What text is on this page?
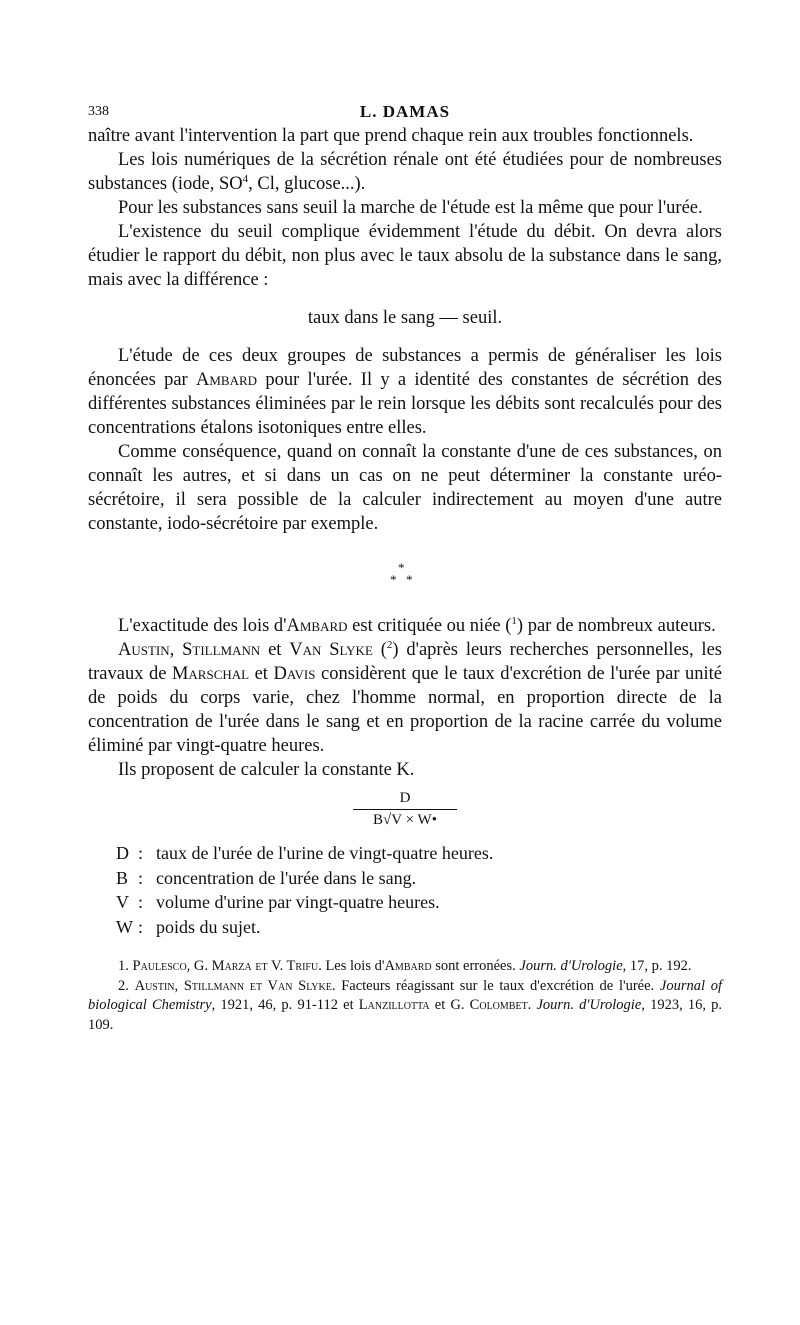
338	L. DAMAS

naître avant l'intervention la part que prend chaque rein aux troubles fonctionnels.

Les lois numériques de la sécrétion rénale ont été étudiées pour de nombreuses substances (iode, $SO^4$, Cl, glucose...).

Pour les substances sans seuil la marche de l'étude est la même que pour l'urée.

L'existence du seuil complique évidemment l'étude du débit. On devra alors étudier le rapport du débit, non plus avec le taux absolu de la substance dans le sang, mais avec la différence :

taux dans le sang — seuil.

L'étude de ces deux groupes de substances a permis de généraliser les lois énoncées par Ambard pour l'urée. Il y a identité des constantes de sécrétion des différentes substances éliminées par le rein lorsque les débits sont recalculés pour des concentrations étalons isotoniques entre elles.

Comme conséquence, quand on connaît la constante d'une de ces substances, on connaît les autres, et si dans un cas on ne peut déterminer la constante uréo-sécrétoire, il sera possible de la calculer indirectement au moyen d'une autre constante, iodo-sécrétoire par exemple.

*
* *

L'exactitude des lois d'Ambard est critiquée ou niée ($^1$) par de nombreux auteurs.

Austin, Stillmann et Van Slyke ($^2$) d'après leurs recherches personnelles, les travaux de Marschal et Davis considèrent que le taux d'excrétion de l'urée par unité de poids du corps varie, chez l'homme normal, en proportion directe de la concentration de l'urée dans le sang et en proportion de la racine carrée du volume éliminé par vingt-quatre heures.

Ils proposent de calculer la constante K.

D
B√V × W•
D : taux de l'urée de l'urine de vingt-quatre heures.
B : concentration de l'urée dans le sang.
V : volume d'urine par vingt-quatre heures.
W : poids du sujet.

1. Paulesco, G. Marza et V. Trifu. Les lois d'Ambard sont erronées. Journ. d'Urologie, 17, p. 192.

2. Austin, Stillmann et Van Slyke. Facteurs réagissant sur le taux d'excrétion de l'urée. Journal of biological Chemistry, 1921, 46, p. 91-112 et Lanzillotta et G. Colombet. Journ. d'Urologie, 1923, 16, p. 109.
